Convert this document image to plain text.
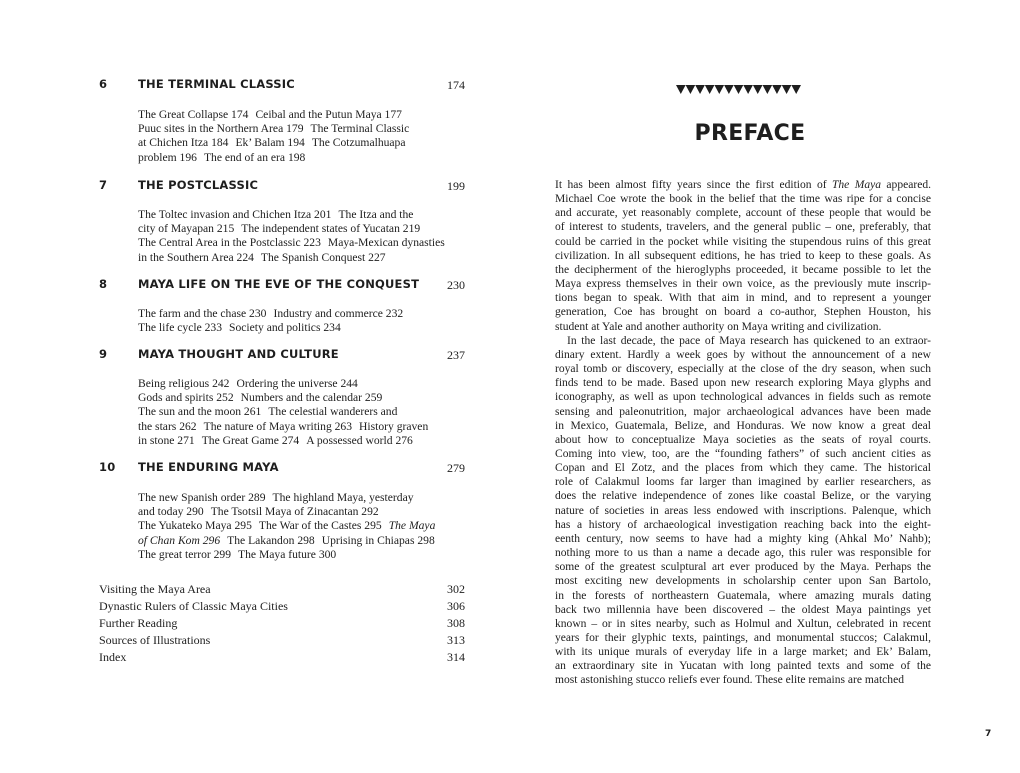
6	THE TERMINAL CLASSIC	174
The Great Collapse 174 Ceibal and the Putun Maya 177
Puuc sites in the Northern Area 179 The Terminal Classic
at Chichen Itza 184 Ek’ Balam 194 The Cotzumalhuapa
problem 196 The end of an era 198
7	THE POSTCLASSIC	199
The Toltec invasion and Chichen Itza 201 The Itza and the
city of Mayapan 215 The independent states of Yucatan 219
The Central Area in the Postclassic 223 Maya-Mexican dynasties
in the Southern Area 224 The Spanish Conquest 227
8	MAYA LIFE ON THE EVE OF THE CONQUEST 230
The farm and the chase 230 Industry and commerce 232
The life cycle 233 Society and politics 234
9	MAYA THOUGHT AND CULTURE	237
Being religious 242 Ordering the universe 244
Gods and spirits 252 Numbers and the calendar 259
The sun and the moon 261 The celestial wanderers and
the stars 262 The nature of Maya writing 263 History graven
in stone 271 The Great Game 274 A possessed world 276
10 THE ENDURING MAYA	279
The new Spanish order 289 The highland Maya, yesterday
and today 290 The Tsotsil Maya of Zinacantan 292
The Yukateko Maya 295 The War of the Castes 295 The Maya
of Chan Kom 296 The Lakandon 298 Uprising in Chiapas 298
The great terror 299 The Maya future 300
Visiting the Maya Area	302
Dynastic Rulers of Classic Maya Cities	306
Further Reading	308
Sources of Illustrations	313
Index	314
PREFACE
It has been almost fifty years since the first edition of The Maya appeared.
Michael Coe wrote the book in the belief that the time was ripe for a concise
and accurate, yet reasonably complete, account of these people that would be
of interest to students, travelers, and the general public – one, preferably, that
could be carried in the pocket while visiting the stupendous ruins of this great
civilization. In all subsequent editions, he has tried to keep to these goals. As
the decipherment of the hieroglyphs proceeded, it became possible to let the
Maya express themselves in their own voice, as the previously mute inscrip-
tions began to speak. With that aim in mind, and to represent a younger
generation, Coe has brought on board a co-author, Stephen Houston, his
student at Yale and another authority on Maya writing and civilization.
In the last decade, the pace of Maya research has quickened to an extraor-
dinary extent. Hardly a week goes by without the announcement of a new
royal tomb or discovery, especially at the close of the dry season, when such
finds tend to be made. Based upon new research exploring Maya glyphs and
iconography, as well as upon technological advances in fields such as remote
sensing and paleonutrition, major archaeological advances have been made
in Mexico, Guatemala, Belize, and Honduras. We now know a great deal
about how to conceptualize Maya societies as the seats of royal courts.
Coming into view, too, are the “founding fathers” of such ancient cities as
Copan and El Zotz, and the places from which they came. The historical
role of Calakmul looms far larger than imagined by earlier researchers, as
does the relative independence of zones like coastal Belize, or the varying
nature of societies in areas less endowed with inscriptions. Palenque, which
has a history of archaeological investigation reaching back into the eight-
eenth century, now seems to have had a mighty king (Ahkal Mo’ Nahb);
nothing more to us than a name a decade ago, this ruler was responsible for
some of the greatest sculptural art ever produced by the Maya. Perhaps the
most exciting new developments in scholarship center upon San Bartolo,
in the forests of northeastern Guatemala, where amazing murals dating
back two millennia have been discovered – the oldest Maya paintings yet
known – or in sites nearby, such as Holmul and Xultun, celebrated in recent
years for their glyphic texts, paintings, and monumental stuccos; Calakmul,
with its unique murals of everyday life in a large market; and Ek’ Balam,
an extraordinary site in Yucatan with long painted texts and some of the
most astonishing stucco reliefs ever found. These elite remains are matched
7
